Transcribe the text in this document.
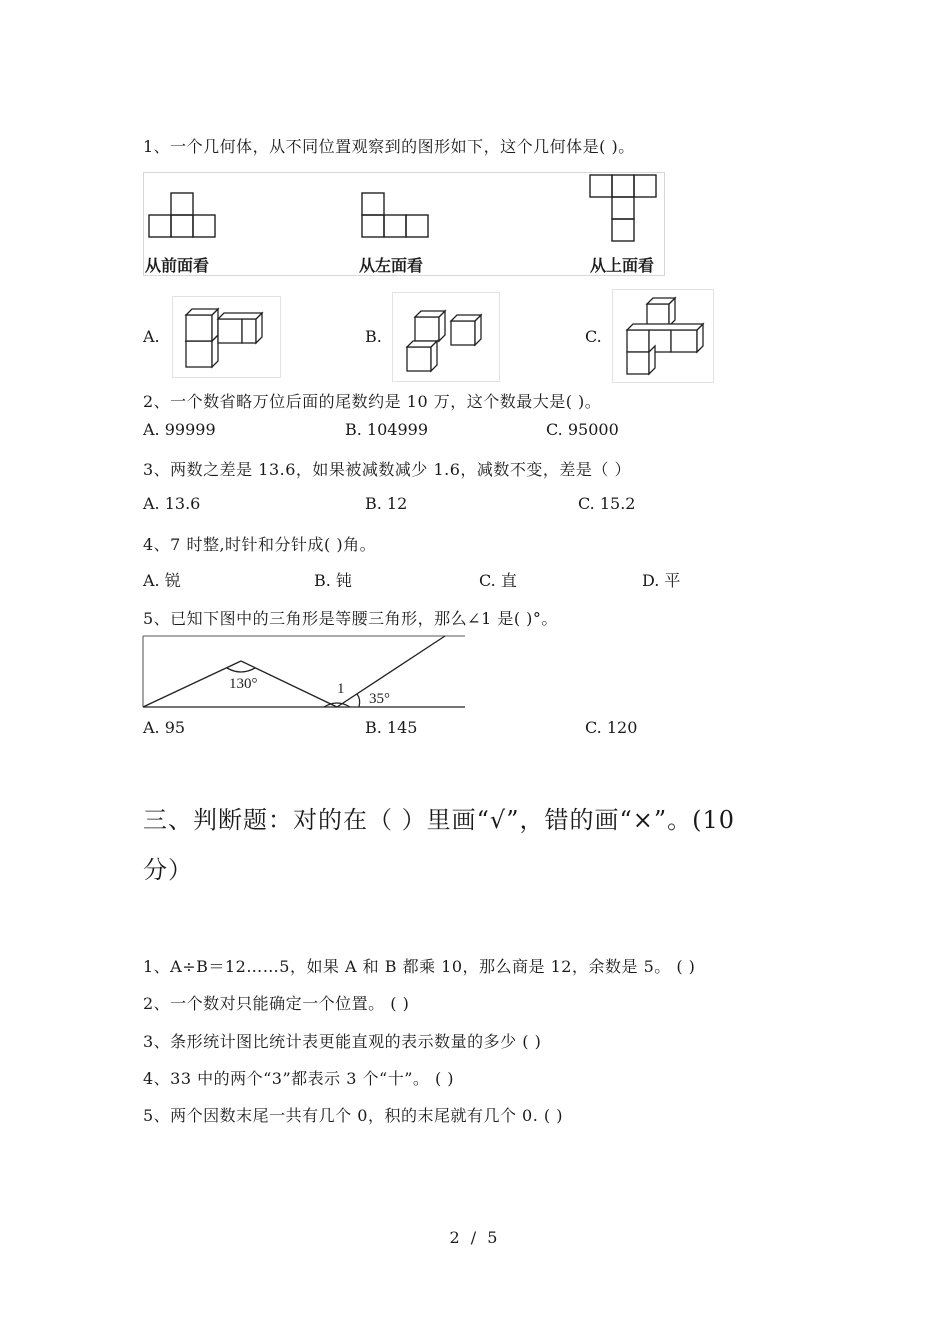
1、一个几何体，从不同位置观察到的图形如下，这个几何体是( )。
从前面看	从左面看	从上面看
A.	B.	C.
2、一个数省略万位后面的尾数约是 10 万，这个数最大是( )。
A. 99999	B. 104999	C. 95000
3、两数之差是 13.6，如果被减数减少 1.6，减数不变，差是（ ）
A. 13.6	B. 12	C. 15.2
4、7 时整,时针和分针成( )角。
A. 锐	B. 钝	C. 直	D. 平
5、已知下图中的三角形是等腰三角形，那么∠1 是( )°。
130°	1
35°
A. 95	B. 145	C. 120
三、判断题：对的在（ ）里画“√”，错的画“×”。(10
分）
1、A÷B＝12……5，如果 A 和 B 都乘 10，那么商是 12，余数是 5。 ( )
2、一个数对只能确定一个位置。 ( )
3、条形统计图比统计表更能直观的表示数量的多少 ( )
4、33 中的两个“3”都表示 3 个“十”。 ( )
5、两个因数末尾一共有几个 0，积的末尾就有几个 0. ( )
2 / 5
